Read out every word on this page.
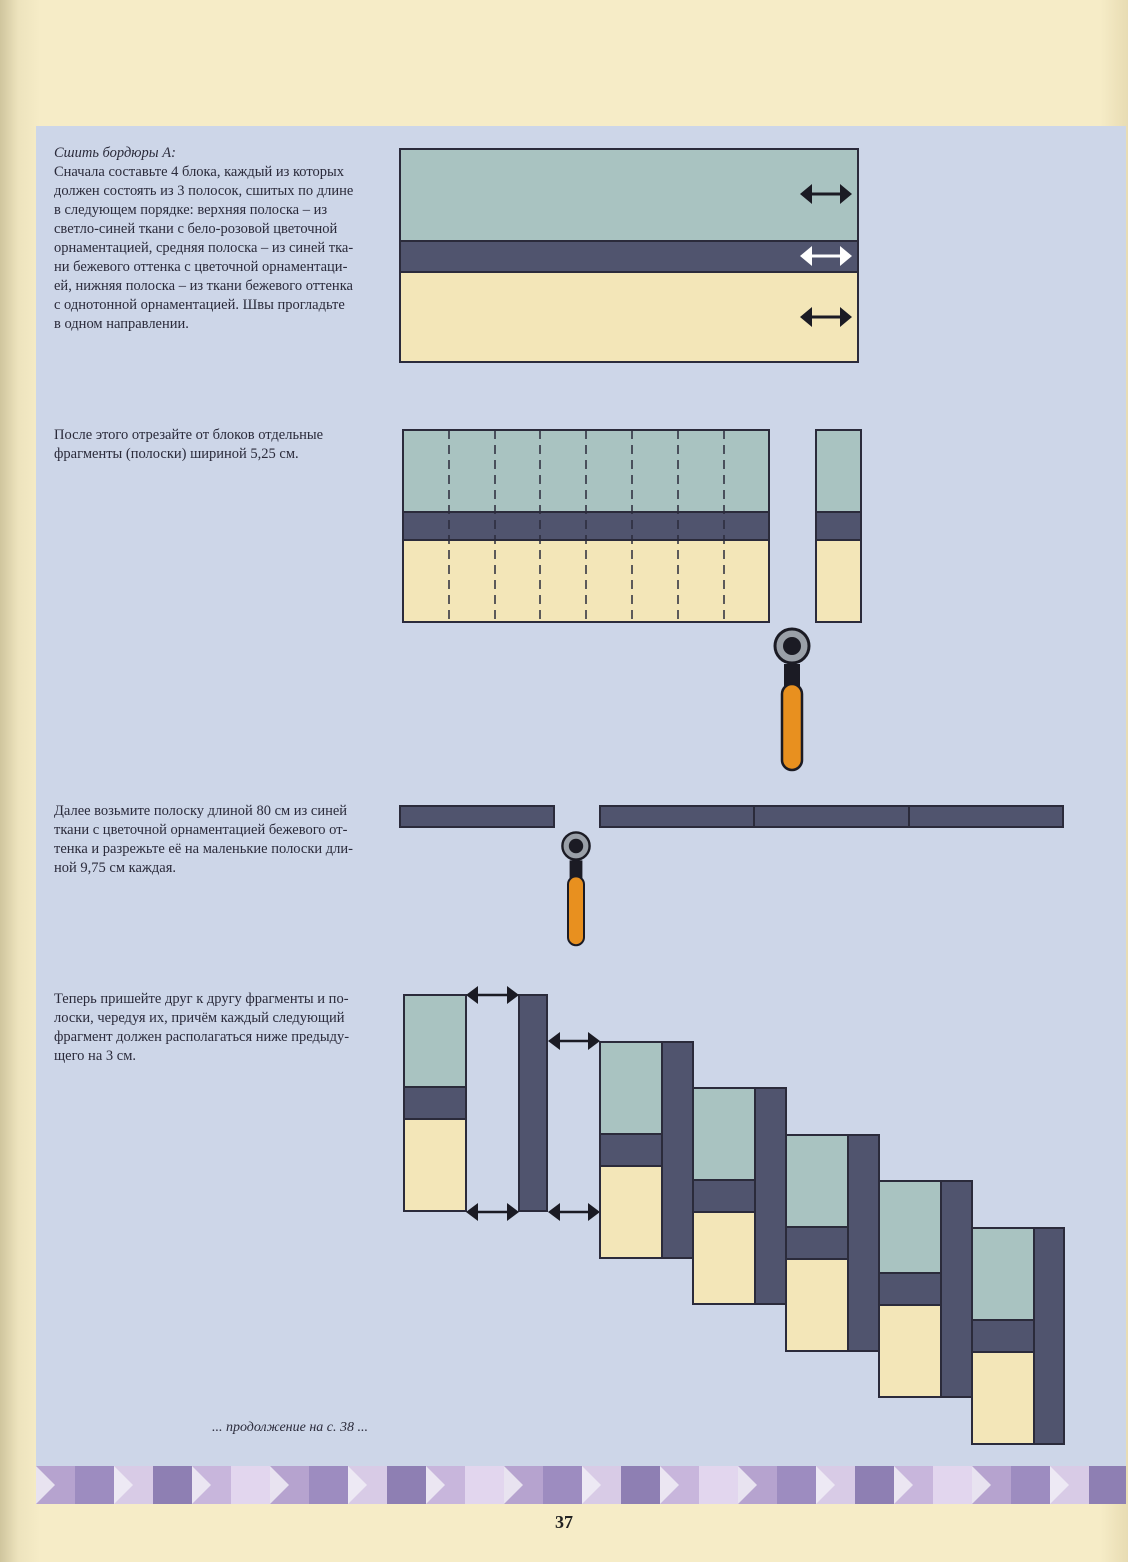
Сшить бордюры А:

Сначала составьте 4 блока, каждый из которых

должен состоять из 3 полосок, сшитых по длине

в следующем порядке: верхняя полоска – из

светло-синей ткани с бело-розовой цветочной

орнаментацией, средняя полоска – из синей тка-

ни бежевого оттенка с цветочной орнаментаци-

ей, нижняя полоска – из ткани бежевого оттенка

с однотонной орнаментацией. Швы прогладьте

в одном направлении.

После этого отрезайте от блоков отдельные

фрагменты (полоски) шириной 5,25 см.

Далее возьмите полоску длиной 80 см из синей

ткани с цветочной орнаментацией бежевого от-

тенка и разрежьте её на маленькие полоски дли-

ной 9,75 см каждая.

Теперь пришейте друг к другу фрагменты и по-

лоски, чередуя их, причём каждый следующий

фрагмент должен располагаться ниже предыду-

щего на 3 см.

... продолжение на с. 38 ...
37
